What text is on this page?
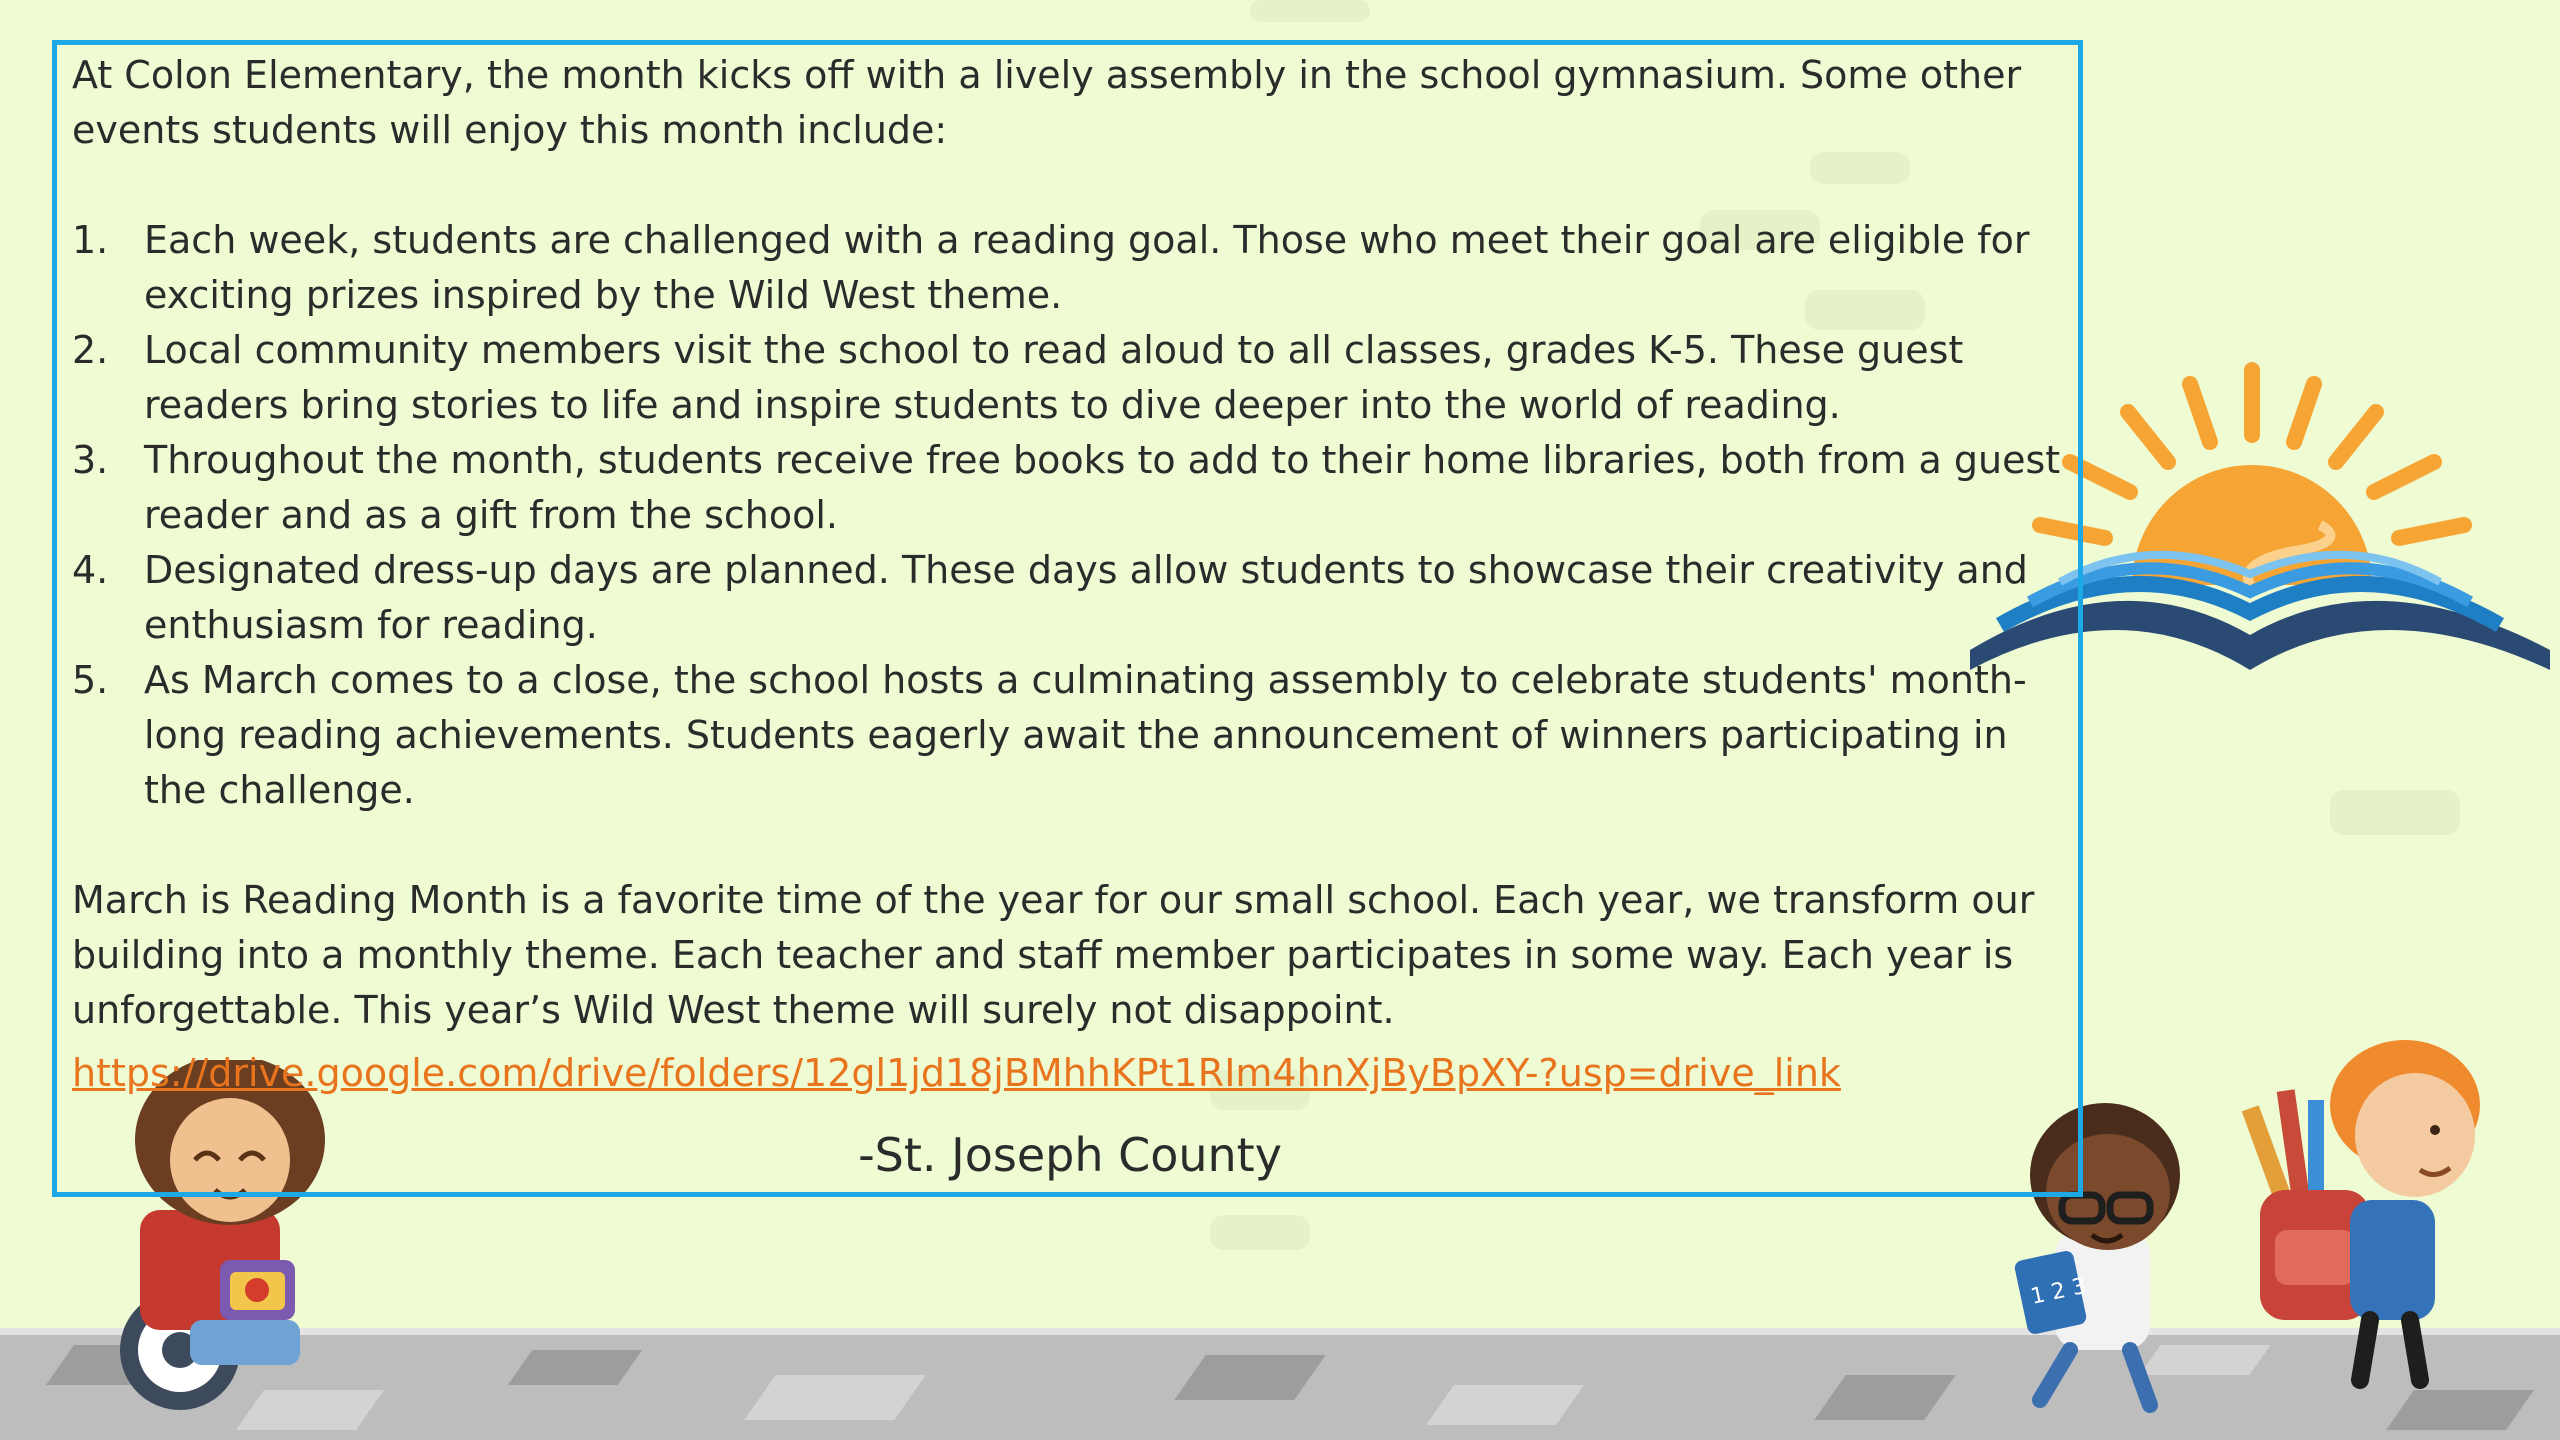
1 2 3

At Colon Elementary, the month kicks off with a lively assembly in the school gymnasium. Some other events students will enjoy this month include:

1. Each week, students are challenged with a reading goal. Those who meet their goal are eligible for exciting prizes inspired by the Wild West theme.
2. Local community members visit the school to read aloud to all classes, grades K-5. These guest readers bring stories to life and inspire students to dive deeper into the world of reading.
3. Throughout the month, students receive free books to add to their home libraries, both from a guest reader and as a gift from the school.
4. Designated dress-up days are planned. These days allow students to showcase their creativity and enthusiasm for reading.
5. As March comes to a close, the school hosts a culminating assembly to celebrate students' month-long reading achievements. Students eagerly await the announcement of winners participating in the challenge.

March is Reading Month is a favorite time of the year for our small school. Each year, we transform our building into a monthly theme. Each teacher and staff member participates in some way. Each year is unforgettable. This year’s Wild West theme will surely not disappoint.

https://drive.google.com/drive/folders/12gl1jd18jBMhhKPt1RIm4hnXjByBpXY-?usp=drive_link
-St. Joseph County
